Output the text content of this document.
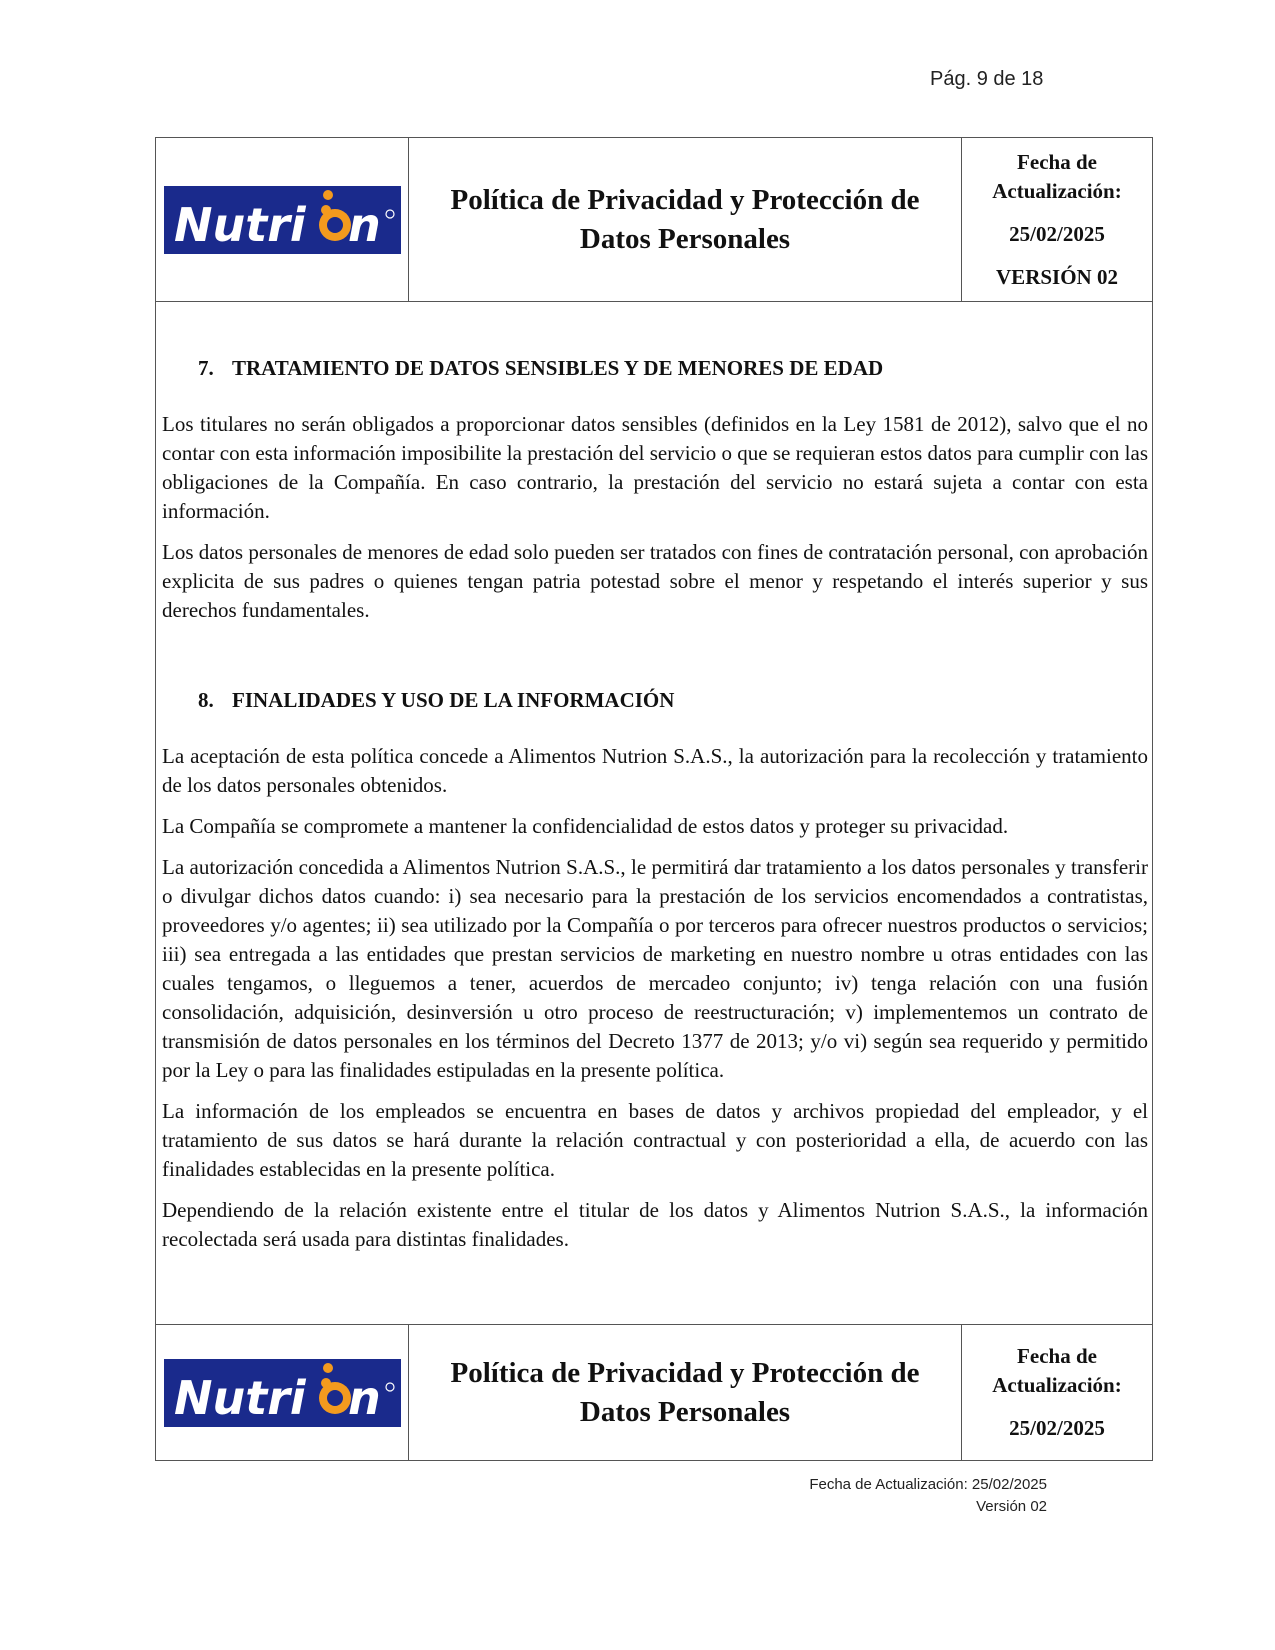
Pág. 9 de 18
Nutri n Política de Privacidad y Protección de
Datos Personales
Fecha de
Actualización:
25/02/2025
VERSIÓN 02
7. TRATAMIENTO DE DATOS SENSIBLES Y DE MENORES DE EDAD

Los titulares no serán obligados a proporcionar datos sensibles (definidos en la Ley 1581 de 2012), salvo que el no contar con esta información imposibilite la prestación del servicio o que se requieran estos datos para cumplir con las obligaciones de la Compañía. En caso contrario, la prestación del servicio no estará sujeta a contar con esta información.

Los datos personales de menores de edad solo pueden ser tratados con fines de contratación personal, con aprobación explicita de sus padres o quienes tengan patria potestad sobre el menor y respetando el interés superior y sus derechos fundamentales.

8. FINALIDADES Y USO DE LA INFORMACIÓN

La aceptación de esta política concede a Alimentos Nutrion S.A.S., la autorización para la recolección y tratamiento de los datos personales obtenidos.

La Compañía se compromete a mantener la confidencialidad de estos datos y proteger su privacidad.

La autorización concedida a Alimentos Nutrion S.A.S., le permitirá dar tratamiento a los datos personales y transferir o divulgar dichos datos cuando: i) sea necesario para la prestación de los servicios encomendados a contratistas, proveedores y/o agentes; ii) sea utilizado por la Compañía o por terceros para ofrecer nuestros productos o servicios; iii) sea entregada a las entidades que prestan servicios de marketing en nuestro nombre u otras entidades con las cuales tengamos, o lleguemos a tener, acuerdos de mercadeo conjunto; iv) tenga relación con una fusión consolidación, adquisición, desinversión u otro proceso de reestructuración; v) implementemos un contrato de transmisión de datos personales en los términos del Decreto 1377 de 2013; y/o vi) según sea requerido y permitido por la Ley o para las finalidades estipuladas en la presente política.

La información de los empleados se encuentra en bases de datos y archivos propiedad del empleador, y el tratamiento de sus datos se hará durante la relación contractual y con posterioridad a ella, de acuerdo con las finalidades establecidas en la presente política.

Dependiendo de la relación existente entre el titular de los datos y Alimentos Nutrion S.A.S., la información recolectada será usada para distintas finalidades.

Nutri n Política de Privacidad y Protección de
Datos Personales
Fecha de
Actualización:
25/02/2025
Fecha de Actualización: 25/02/2025
Versión 02
